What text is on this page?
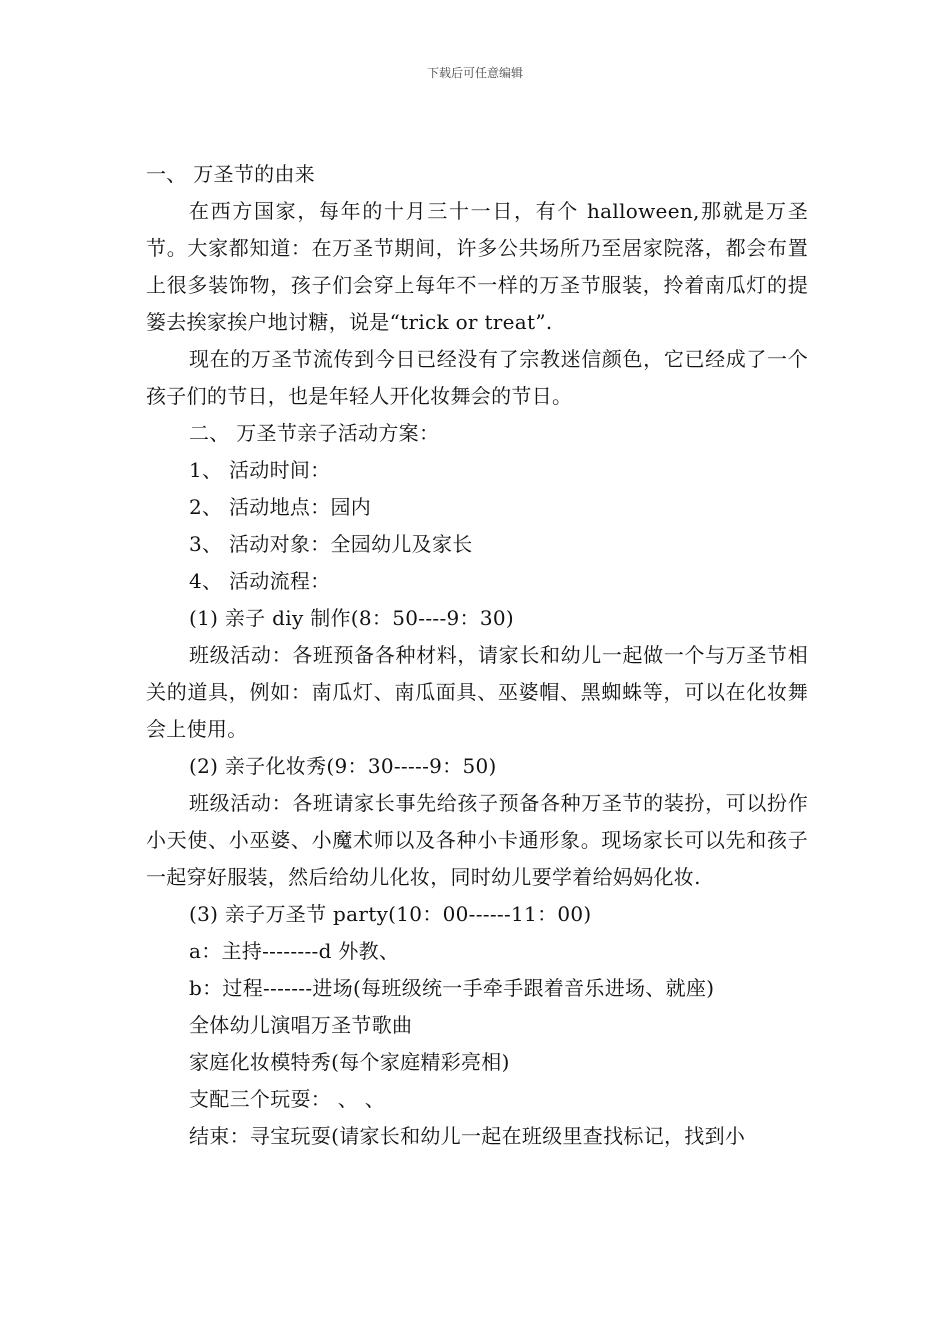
下载后可任意编辑

一、 万圣节的由来

在西方国家，每年的十月三十一日，有个 halloween,那就是万圣节。大家都知道：在万圣节期间，许多公共场所乃至居家院落，都会布置上很多装饰物，孩子们会穿上每年不一样的万圣节服装，拎着南瓜灯的提篓去挨家挨户地讨糖，说是“trick or treat”.

现在的万圣节流传到今日已经没有了宗教迷信颜色，它已经成了一个孩子们的节日，也是年轻人开化妆舞会的节日。

二、 万圣节亲子活动方案：

1、 活动时间：

2、 活动地点：园内

3、 活动对象：全园幼儿及家长

4、 活动流程：

(1) 亲子 diy 制作(8：50----9：30)

班级活动：各班预备各种材料，请家长和幼儿一起做一个与万圣节相关的道具，例如：南瓜灯、南瓜面具、巫婆帽、黑蜘蛛等，可以在化妆舞会上使用。

(2) 亲子化妆秀(9：30-----9：50)

班级活动：各班请家长事先给孩子预备各种万圣节的装扮，可以扮作小天使、小巫婆、小魔术师以及各种小卡通形象。现场家长可以先和孩子一起穿好服装，然后给幼儿化妆，同时幼儿要学着给妈妈化妆.

(3) 亲子万圣节 party(10：00------11：00)

a：主持--------d 外教、

b：过程-------进场(每班级统一手牵手跟着音乐进场、就座)

全体幼儿演唱万圣节歌曲

家庭化妆模特秀(每个家庭精彩亮相)

支配三个玩耍： 、 、

结束：寻宝玩耍(请家长和幼儿一起在班级里查找标记，找到小
